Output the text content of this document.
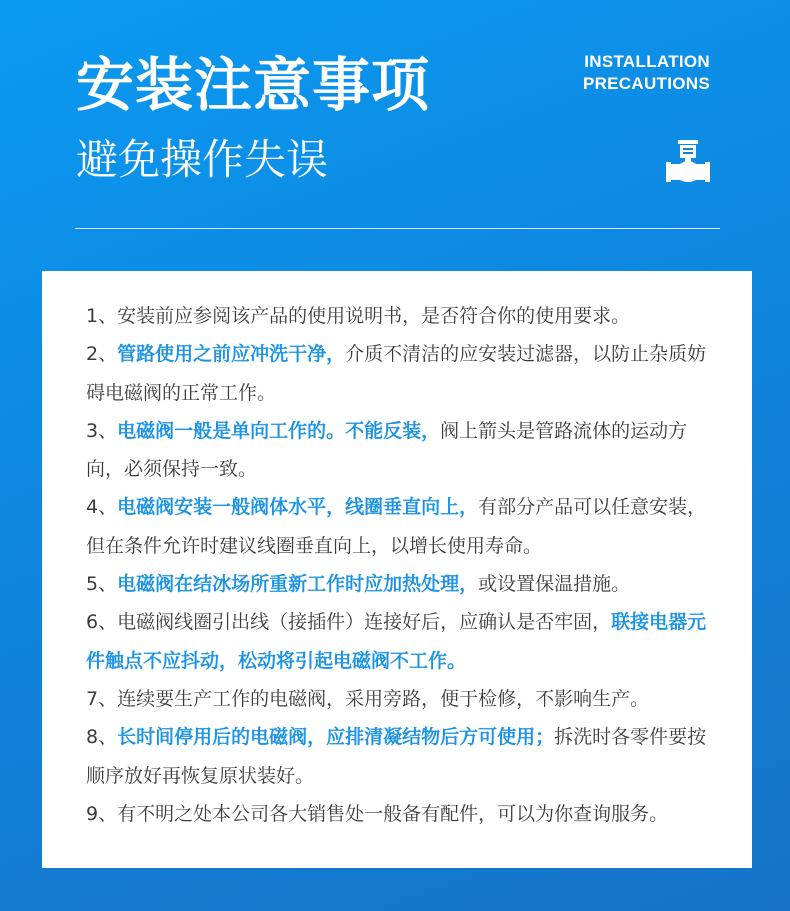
安装注意事项
避免操作失误
INSTALLATION
PRECAUTIONS
1、安装前应参阅该产品的使用说明书，是否符合你的使用要求。
2、管路使用之前应冲洗干净，介质不清洁的应安装过滤器，以防止杂质妨碍电磁阀的正常工作。
3、电磁阀一般是单向工作的。不能反装，阀上箭头是管路流体的运动方向，必须保持一致。
4、电磁阀安装一般阀体水平，线圈垂直向上，有部分产品可以任意安装，但在条件允许时建议线圈垂直向上，以增长使用寿命。
5、电磁阀在结冰场所重新工作时应加热处理，或设置保温措施。
6、电磁阀线圈引出线（接插件）连接好后，应确认是否牢固，联接电器元件触点不应抖动，松动将引起电磁阀不工作。
7、连续要生产工作的电磁阀，采用旁路，便于检修，不影响生产。
8、长时间停用后的电磁阀，应排清凝结物后方可使用；拆洗时各零件要按顺序放好再恢复原状装好。
9、有不明之处本公司各大销售处一般备有配件，可以为你查询服务。
